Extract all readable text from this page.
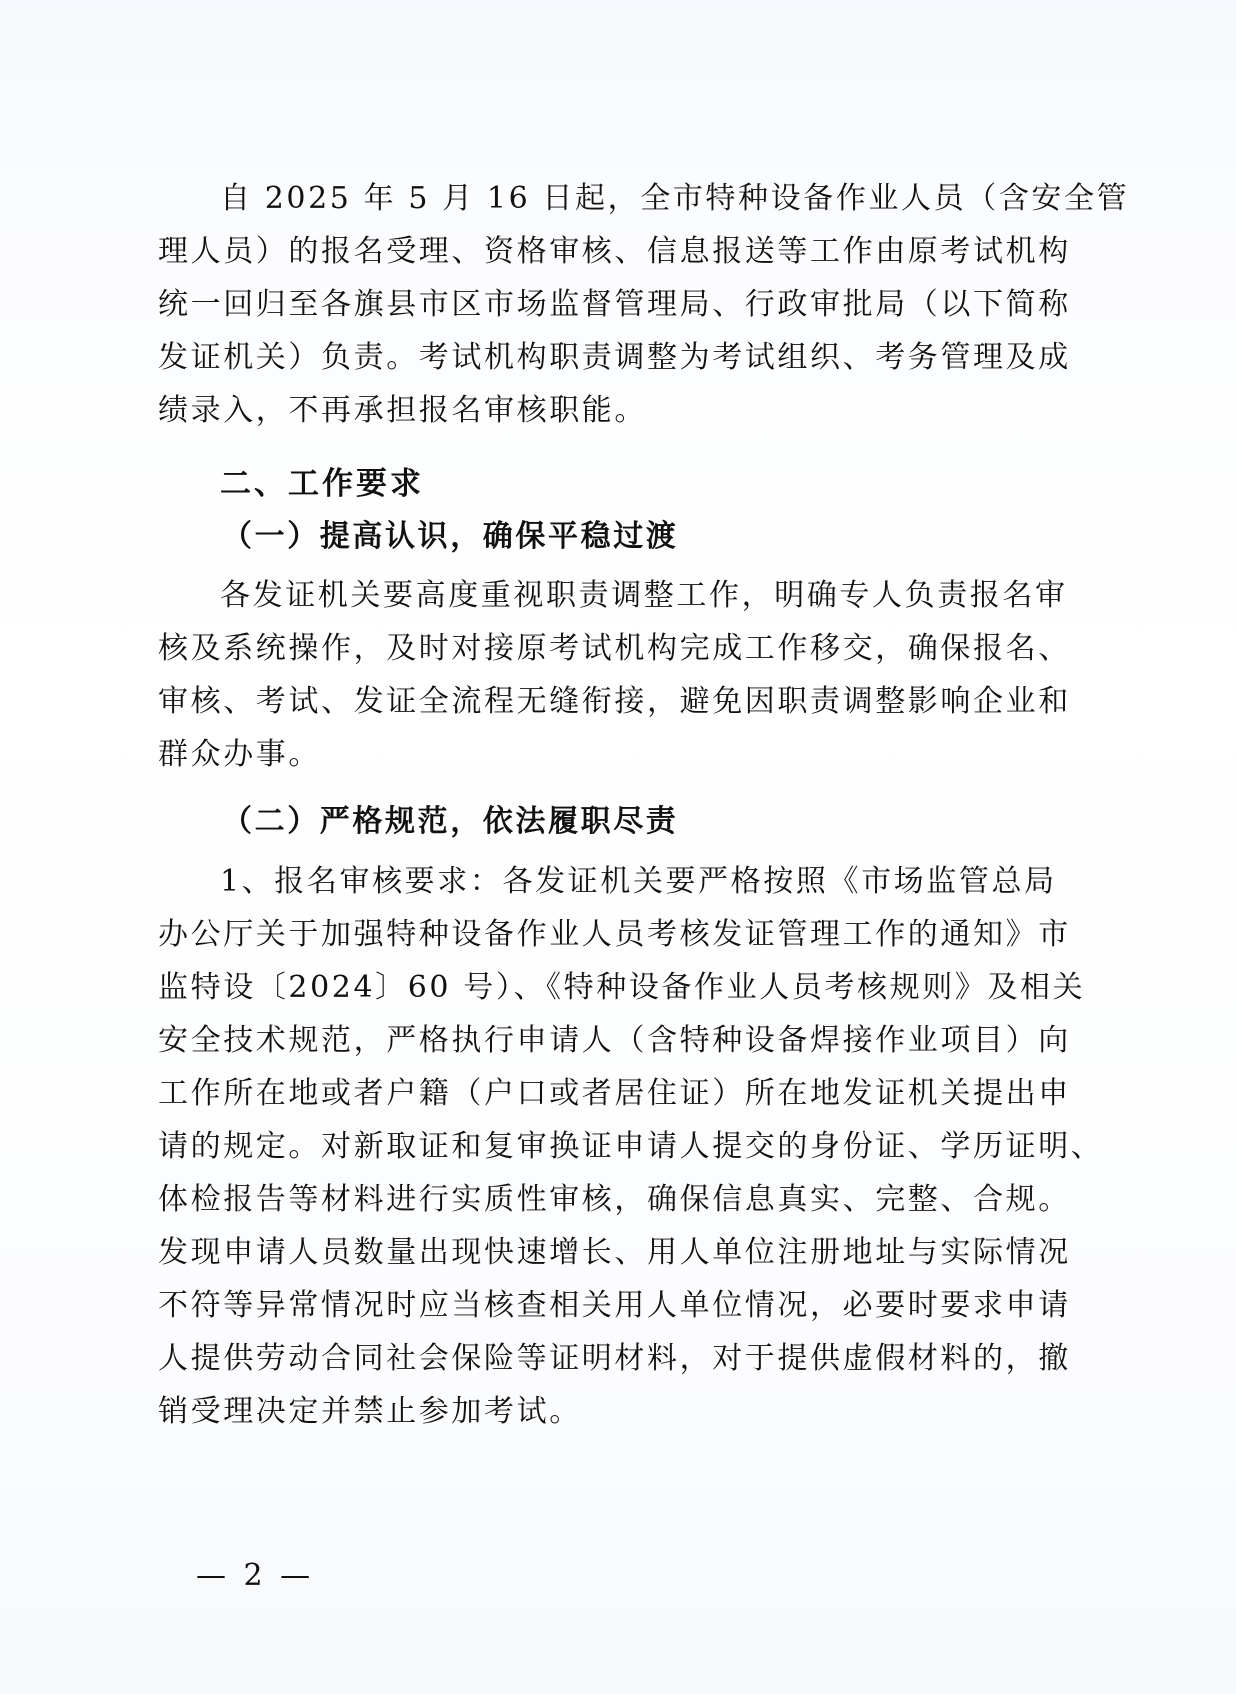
自 2025 年 5 月 16 日起，全市特种设备作业人员（含安全管
理人员）的报名受理、资格审核、信息报送等工作由原考试机构
统一回归至各旗县市区市场监督管理局、行政审批局（以下简称
发证机关）负责。考试机构职责调整为考试组织、考务管理及成
绩录入，不再承担报名审核职能。
二、工作要求
（一）提高认识，确保平稳过渡
各发证机关要高度重视职责调整工作，明确专人负责报名审
核及系统操作，及时对接原考试机构完成工作移交，确保报名、
审核、考试、发证全流程无缝衔接，避免因职责调整影响企业和
群众办事。
（二）严格规范，依法履职尽责
1、报名审核要求：各发证机关要严格按照《市场监管总局
办公厅关于加强特种设备作业人员考核发证管理工作的通知》市
监特设〔2024〕60 号）、《特种设备作业人员考核规则》及相关
安全技术规范，严格执行申请人（含特种设备焊接作业项目）向
工作所在地或者户籍（户口或者居住证）所在地发证机关提出申
请的规定。对新取证和复审换证申请人提交的身份证、学历证明、
体检报告等材料进行实质性审核，确保信息真实、完整、合规。
发现申请人员数量出现快速增长、用人单位注册地址与实际情况
不符等异常情况时应当核查相关用人单位情况，必要时要求申请
人提供劳动合同社会保险等证明材料，对于提供虚假材料的，撤
销受理决定并禁止参加考试。
— 2 —
